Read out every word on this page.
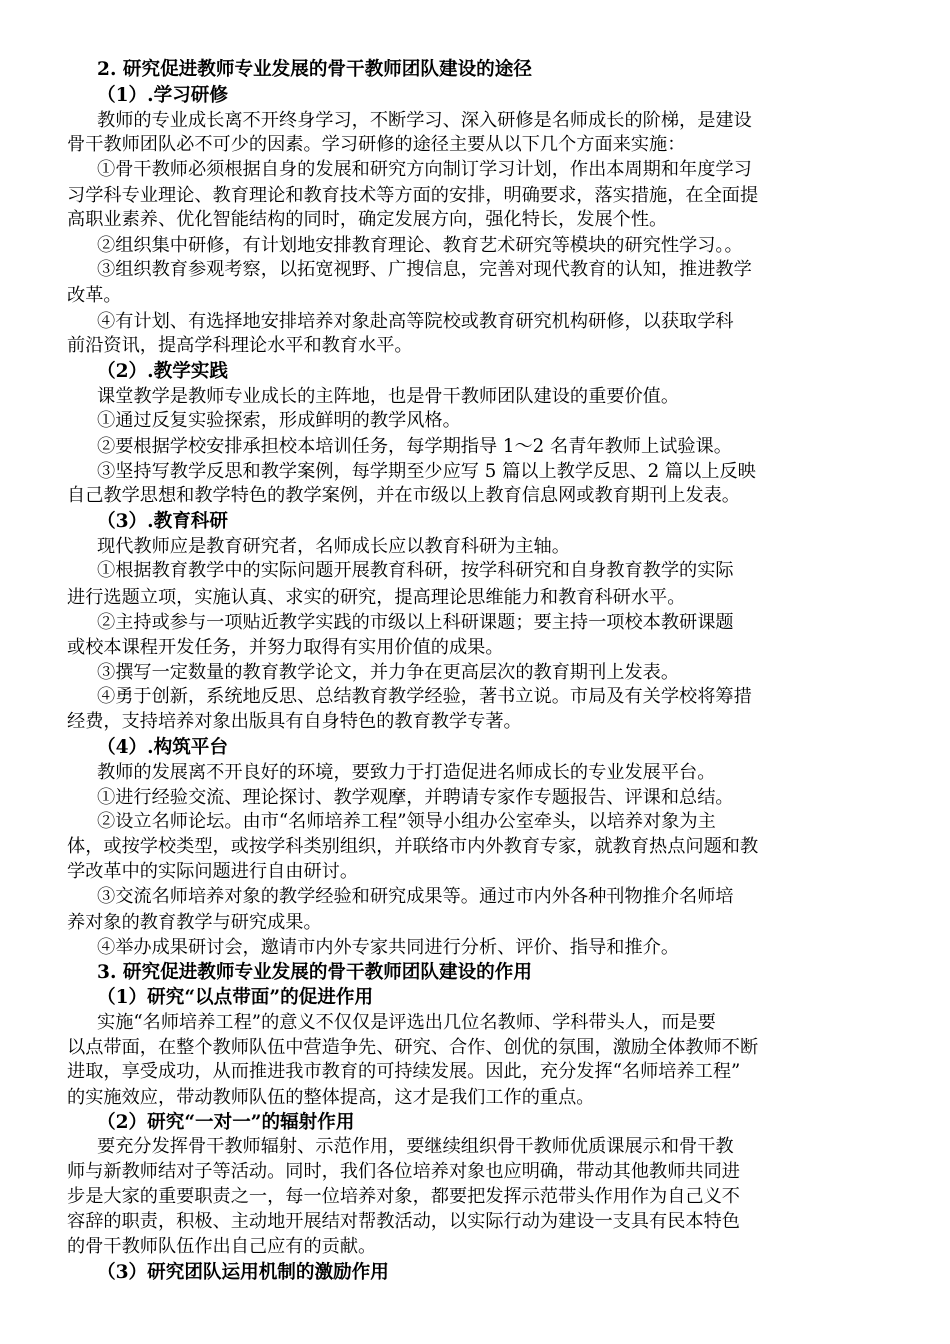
2. 研究促进教师专业发展的骨干教师团队建设的途径
（1）.学习研修
教师的专业成长离不开终身学习，不断学习、深入研修是名师成长的阶梯，是建设
骨干教师团队必不可少的因素。学习研修的途径主要从以下几个方面来实施：
①骨干教师必须根据自身的发展和研究方向制订学习计划，作出本周期和年度学习
习学科专业理论、教育理论和教育技术等方面的安排，明确要求，落实措施，在全面提
高职业素养、优化智能结构的同时，确定发展方向，强化特长，发展个性。
②组织集中研修，有计划地安排教育理论、教育艺术研究等模块的研究性学习。。
③组织教育参观考察，以拓宽视野、广搜信息，完善对现代教育的认知，推进教学
改革。
④有计划、有选择地安排培养对象赴高等院校或教育研究机构研修，以获取学科
前沿资讯，提高学科理论水平和教育水平。
（2）.教学实践
课堂教学是教师专业成长的主阵地，也是骨干教师团队建设的重要价值。
①通过反复实验探索，形成鲜明的教学风格。
②要根据学校安排承担校本培训任务，每学期指导 1～2 名青年教师上试验课。
③坚持写教学反思和教学案例，每学期至少应写 5 篇以上教学反思、2 篇以上反映
自己教学思想和教学特色的教学案例，并在市级以上教育信息网或教育期刊上发表。
（3）.教育科研
现代教师应是教育研究者，名师成长应以教育科研为主轴。
①根据教育教学中的实际问题开展教育科研，按学科研究和自身教育教学的实际
进行选题立项，实施认真、求实的研究，提高理论思维能力和教育科研水平。
②主持或参与一项贴近教学实践的市级以上科研课题；要主持一项校本教研课题
或校本课程开发任务，并努力取得有实用价值的成果。
③撰写一定数量的教育教学论文，并力争在更高层次的教育期刊上发表。
④勇于创新，系统地反思、总结教育教学经验，著书立说。市局及有关学校将筹措
经费，支持培养对象出版具有自身特色的教育教学专著。
（4）.构筑平台
教师的发展离不开良好的环境，要致力于打造促进名师成长的专业发展平台。
①进行经验交流、理论探讨、教学观摩，并聘请专家作专题报告、评课和总结。
②设立名师论坛。由市“名师培养工程”领导小组办公室牵头，以培养对象为主
体，或按学校类型，或按学科类别组织，并联络市内外教育专家，就教育热点问题和教
学改革中的实际问题进行自由研讨。
③交流名师培养对象的教学经验和研究成果等。通过市内外各种刊物推介名师培
养对象的教育教学与研究成果。
④举办成果研讨会，邀请市内外专家共同进行分析、评价、指导和推介。
3. 研究促进教师专业发展的骨干教师团队建设的作用
（1）研究“以点带面”的促进作用
实施“名师培养工程”的意义不仅仅是评选出几位名教师、学科带头人，而是要
以点带面，在整个教师队伍中营造争先、研究、合作、创优的氛围，激励全体教师不断
进取，享受成功，从而推进我市教育的可持续发展。因此，充分发挥“名师培养工程”
的实施效应，带动教师队伍的整体提高，这才是我们工作的重点。
（2）研究“一对一”的辐射作用
要充分发挥骨干教师辐射、示范作用，要继续组织骨干教师优质课展示和骨干教
师与新教师结对子等活动。同时，我们各位培养对象也应明确，带动其他教师共同进
步是大家的重要职责之一，每一位培养对象，都要把发挥示范带头作用作为自己义不
容辞的职责，积极、主动地开展结对帮教活动，以实际行动为建设一支具有民本特色
的骨干教师队伍作出自己应有的贡献。
（3）研究团队运用机制的激励作用
